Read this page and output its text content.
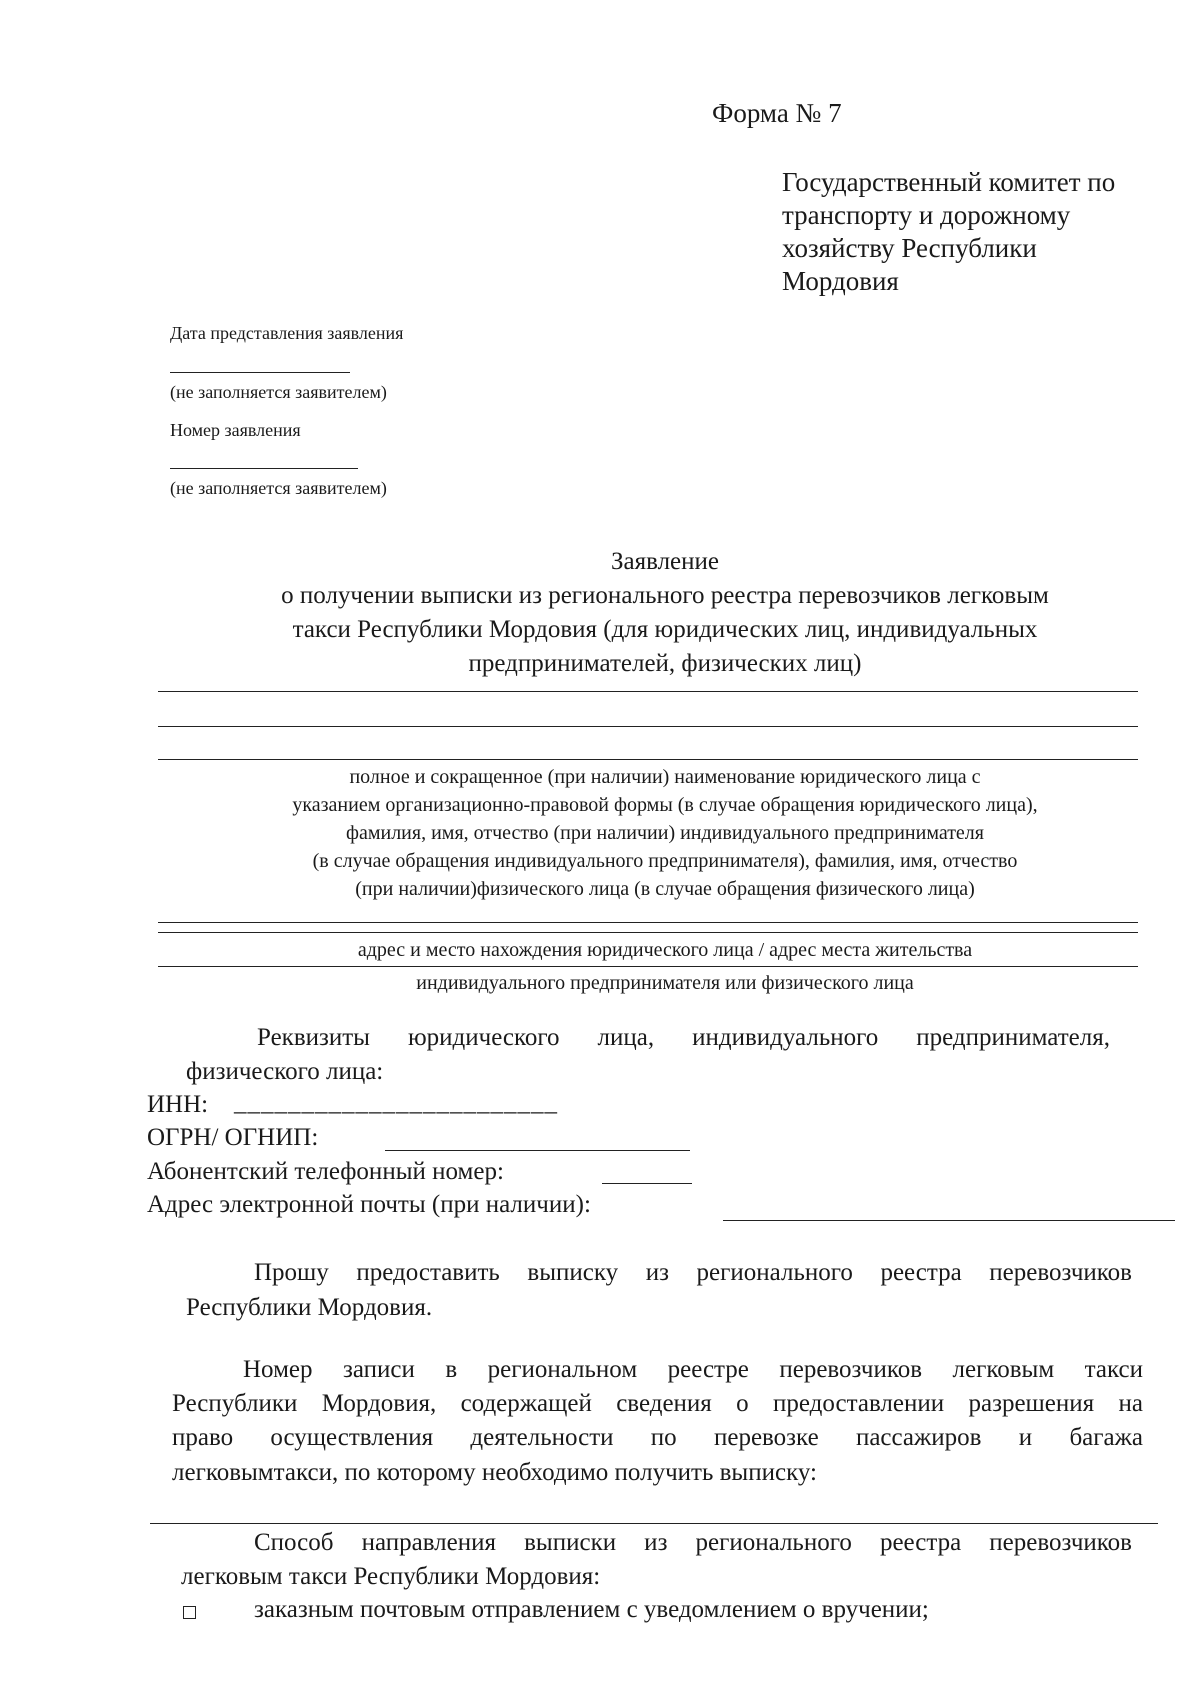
Форма № 7
Государственный комитет по
транспорту и дорожному
хозяйству Республики
Мордовия
Дата представления заявления
(не заполняется заявителем)
Номер заявления
(не заполняется заявителем)
Заявление
о получении выписки из регионального реестра перевозчиков легковым
такси Республики Мордовия (для юридических лиц, индивидуальных
предпринимателей, физических лиц)
полное и сокращенное (при наличии) наименование юридического лица с
указанием организационно-правовой формы (в случае обращения юридического лица),
фамилия, имя, отчество (при наличии) индивидуального предпринимателя
(в случае обращения индивидуального предпринимателя), фамилия, имя, отчество
(при наличии)физического лица (в случае обращения физического лица)
адрес и место нахождения юридического лица / адрес места жительства
индивидуального предпринимателя или физического лица
Реквизиты юридического лица, индивидуального предпринимателя,
физического лица:
ИНН: ________________________
ОГРН/ ОГНИП:
Абонентский телефонный номер:
Адрес электронной почты (при наличии):
Прошу предоставить выписку из регионального реестра перевозчиков
Республики Мордовия.
Номер записи в региональном реестре перевозчиков легковым такси
Республики Мордовия, содержащей сведения о предоставлении разрешения на
право осуществления деятельности по перевозке пассажиров и багажа
легковымтакси, по которому необходимо получить выписку:
Способ направления выписки из регионального реестра перевозчиков
легковым такси Республики Мордовия:
заказным почтовым отправлением с уведомлением о вручении;
